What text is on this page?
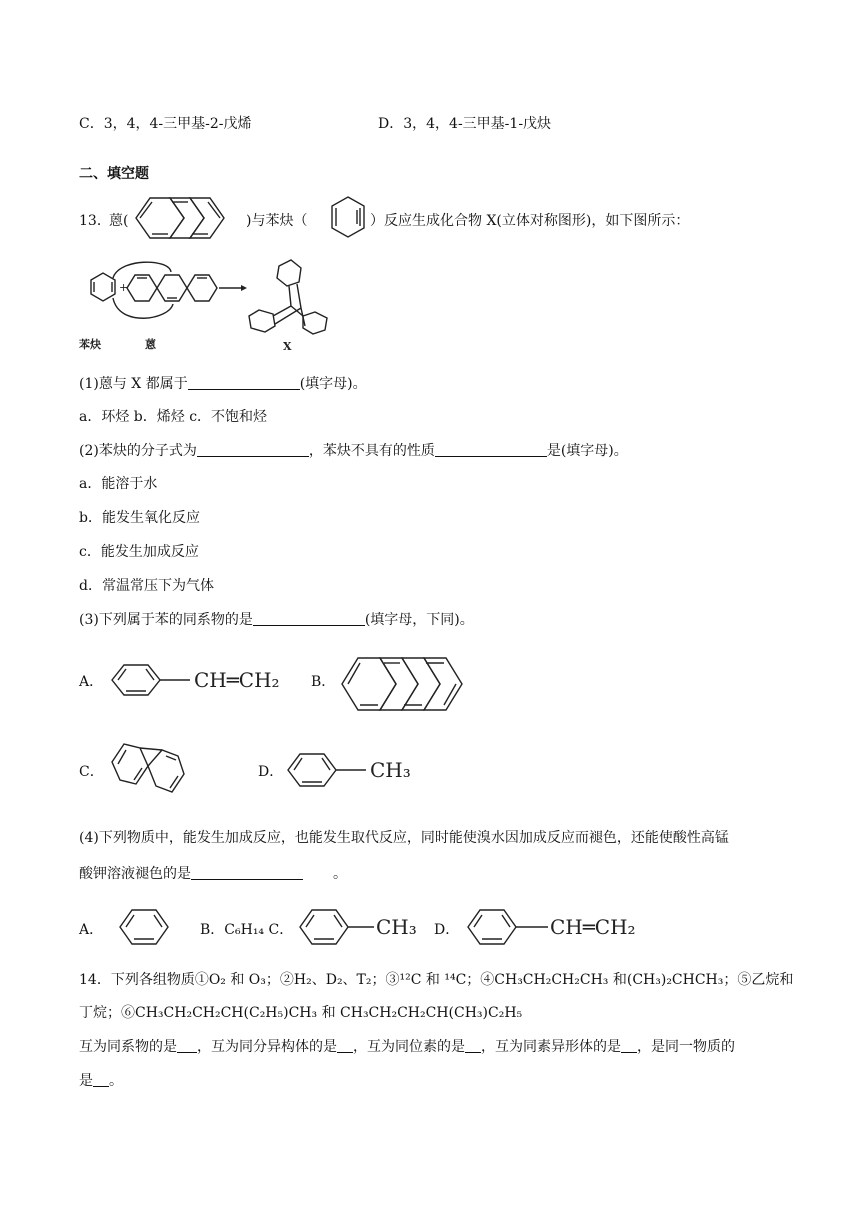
C．3，4，4-三甲基-2-戊烯	D．3，4，4-三甲基-1-戊炔
二、填空题
13．
蒽(	)与苯炔（	）反应生成化合物 X(立体对称图形)，如下图所示：
+
苯炔	蒽	X
(1)蒽与 X 都属于	(填字母)。
a．环烃 b．烯烃 c．不饱和烃
(2)苯炔的分子式为	，苯炔不具有的性质	是(填字母)。
a．能溶于水
b．能发生氧化反应
c．能发生加成反应
d．常温常压下为气体
(3)下列属于苯的同系物的是	(填字母，下同)。
A．	CH═CH₂ B．
C．	D．	CH₃
(4)下列物质中，能发生加成反应，也能发生取代反应，同时能使溴水因加成反应而褪色，还能使酸性高锰
酸钾溶液褪色的是	。
A．	B．C₆H₁₄ C．	CH₃ D．	CH═CH₂
14．下列各组物质①O₂ 和 O₃；②H₂、D₂、T₂；③¹²C 和 ¹⁴C；④CH₃CH₂CH₂CH₃ 和(CH₃)₂CHCH₃；⑤乙烷和
丁烷；⑥CH₃CH₂CH₂CH(C₂H₅)CH₃ 和 CH₃CH₂CH₂CH(CH₃)C₂H₅
互为同系物的是 ，互为同分异构体的是 ，互为同位素的是 ，互为同素异形体的是 ，是同一物质的
是 。
